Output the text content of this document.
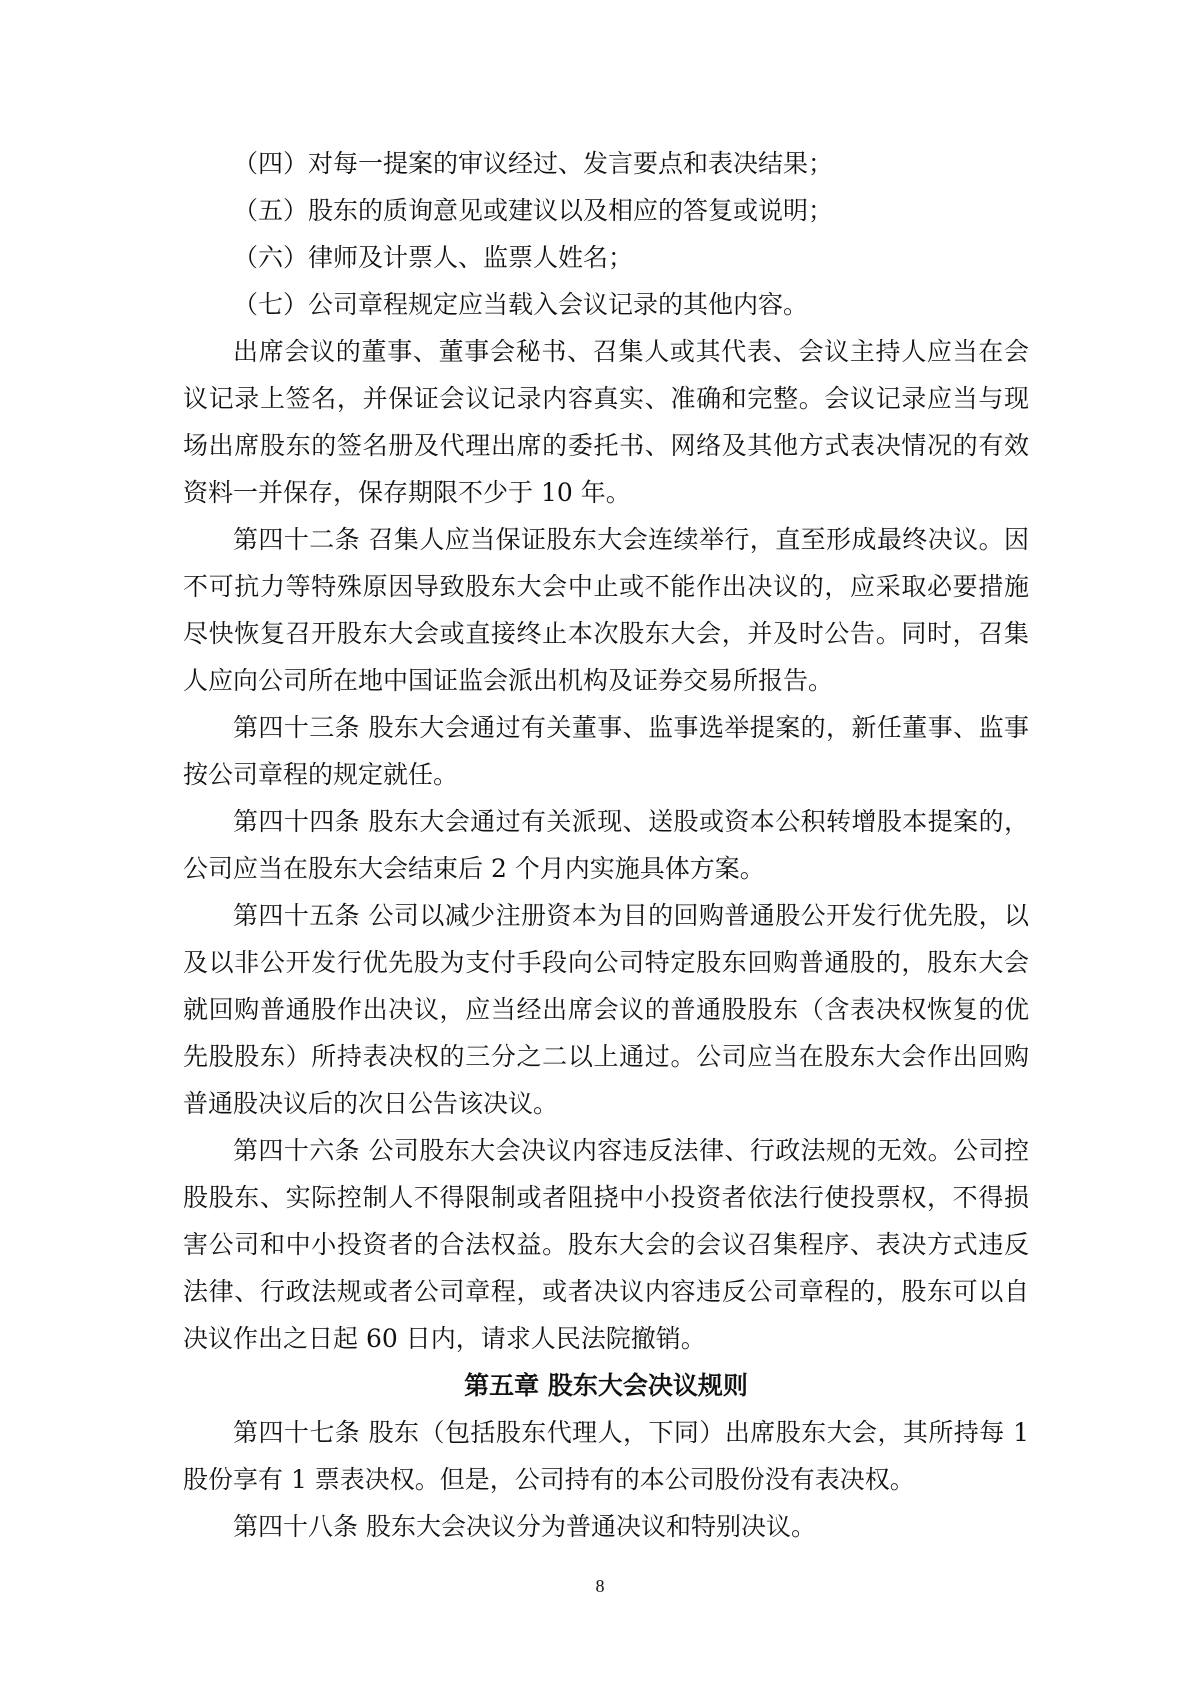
（四）对每一提案的审议经过、发言要点和表决结果；
（五）股东的质询意见或建议以及相应的答复或说明；
（六）律师及计票人、监票人姓名；
（七）公司章程规定应当载入会议记录的其他内容。

出席会议的董事、董事会秘书、召集人或其代表、会议主持人应当在会议记录上签名，并保证会议记录内容真实、准确和完整。会议记录应当与现场出席股东的签名册及代理出席的委托书、网络及其他方式表决情况的有效资料一并保存，保存期限不少于 10 年。

第四十二条 召集人应当保证股东大会连续举行，直至形成最终决议。因不可抗力等特殊原因导致股东大会中止或不能作出决议的，应采取必要措施尽快恢复召开股东大会或直接终止本次股东大会，并及时公告。同时，召集人应向公司所在地中国证监会派出机构及证券交易所报告。

第四十三条 股东大会通过有关董事、监事选举提案的，新任董事、监事按公司章程的规定就任。

第四十四条 股东大会通过有关派现、送股或资本公积转增股本提案的，公司应当在股东大会结束后 2 个月内实施具体方案。

第四十五条 公司以减少注册资本为目的回购普通股公开发行优先股，以及以非公开发行优先股为支付手段向公司特定股东回购普通股的，股东大会就回购普通股作出决议，应当经出席会议的普通股股东（含表决权恢复的优先股股东）所持表决权的三分之二以上通过。公司应当在股东大会作出回购普通股决议后的次日公告该决议。

第四十六条 公司股东大会决议内容违反法律、行政法规的无效。公司控股股东、实际控制人不得限制或者阻挠中小投资者依法行使投票权，不得损害公司和中小投资者的合法权益。股东大会的会议召集程序、表决方式违反法律、行政法规或者公司章程，或者决议内容违反公司章程的，股东可以自决议作出之日起 60 日内，请求人民法院撤销。

第五章 股东大会决议规则

第四十七条 股东（包括股东代理人，下同）出席股东大会，其所持每 1 股份享有 1 票表决权。但是，公司持有的本公司股份没有表决权。

第四十八条 股东大会决议分为普通决议和特别决议。

8
